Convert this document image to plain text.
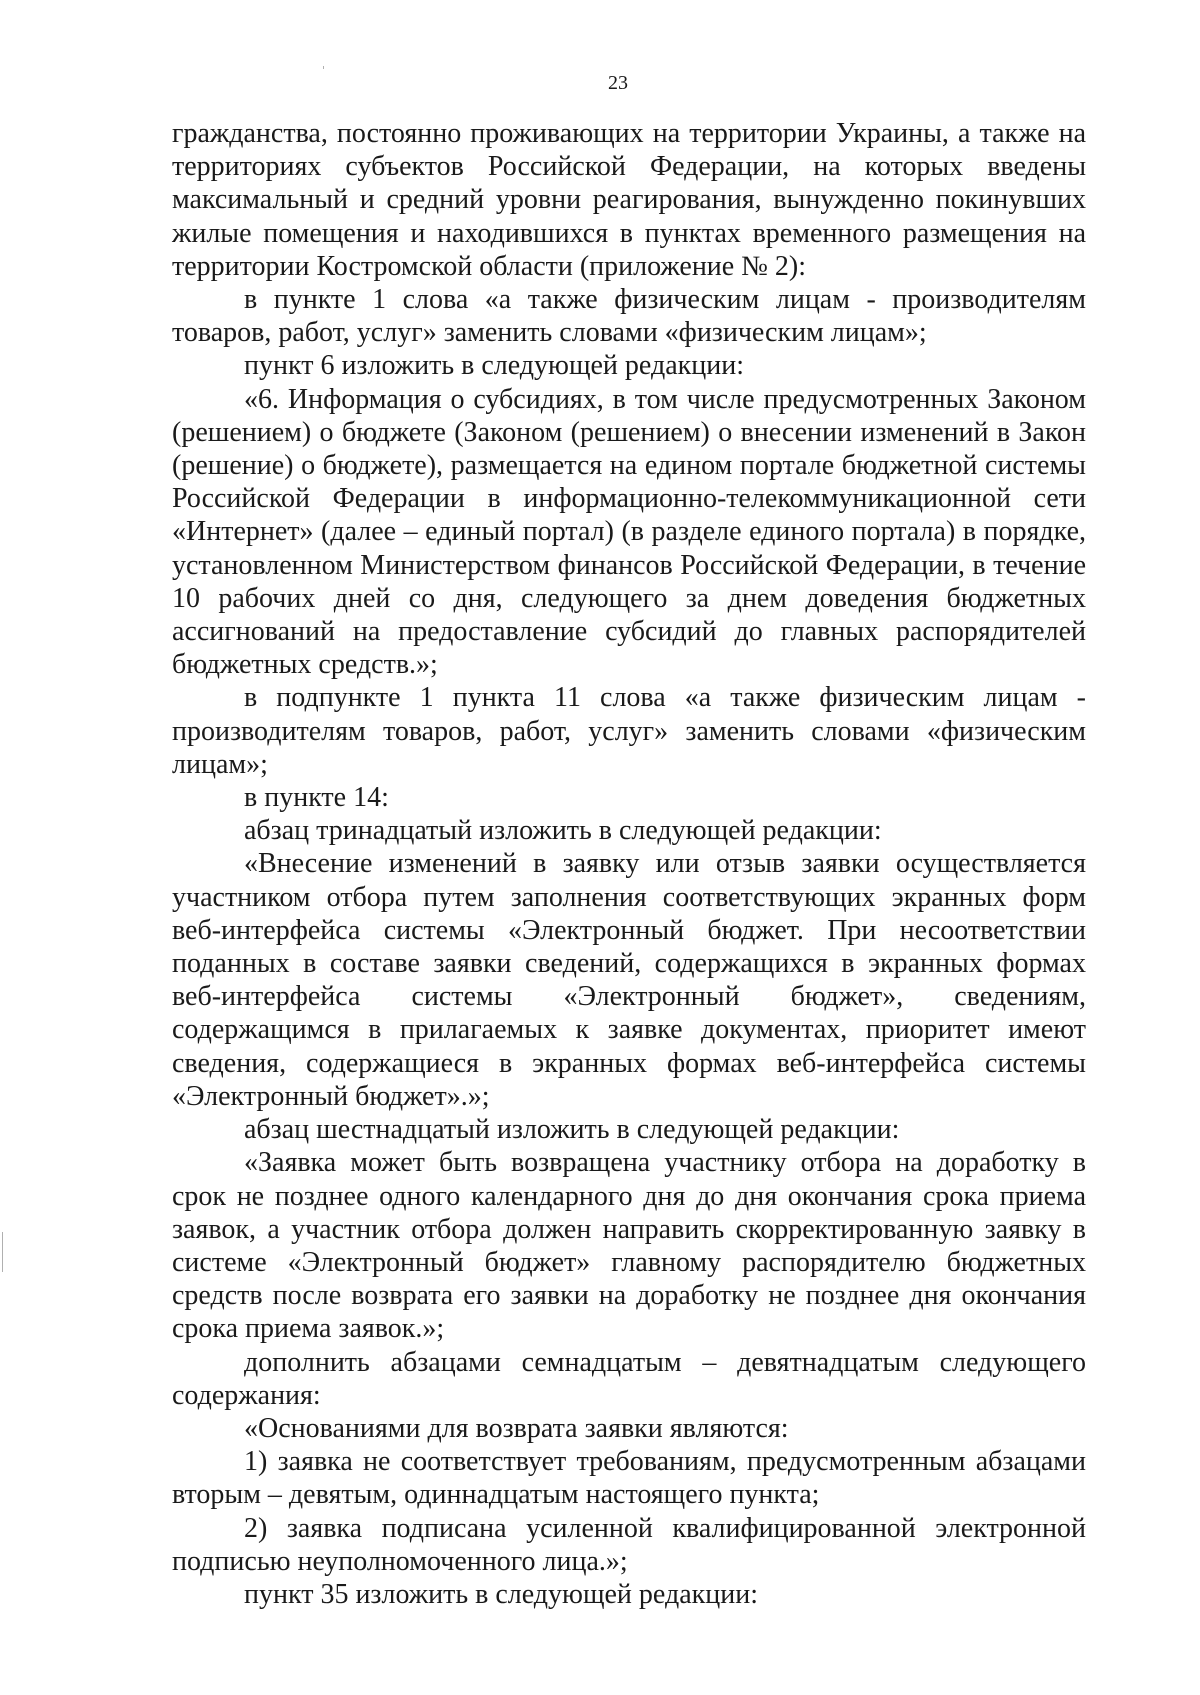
23

гражданства, постоянно проживающих на территории Украины, а также на территориях субъектов Российской Федерации, на которых введены максимальный и средний уровни реагирования, вынужденно покинувших жилые помещения и находившихся в пунктах временного размещения на территории Костромской области (приложение № 2):

в пункте 1 слова «а также физическим лицам - производителям товаров, работ, услуг» заменить словами «физическим лицам»;

пункт 6 изложить в следующей редакции:

«6. Информация о субсидиях, в том числе предусмотренных Законом (решением) о бюджете (Законом (решением) о внесении изменений в Закон (решение) о бюджете), размещается на едином портале бюджетной системы Российской Федерации в информационно-телекоммуникационной сети «Интернет» (далее – единый портал) (в разделе единого портала) в порядке, установленном Министерством финансов Российской Федерации, в течение 10 рабочих дней со дня, следующего за днем доведения бюджетных ассигнований на предоставление субсидий до главных распорядителей бюджетных средств.»;

в подпункте 1 пункта 11 слова «а также физическим лицам - производителям товаров, работ, услуг» заменить словами «физическим лицам»;

в пункте 14:

абзац тринадцатый изложить в следующей редакции:

«Внесение изменений в заявку или отзыв заявки осуществляется участником отбора путем заполнения соответствующих экранных форм веб-интерфейса системы «Электронный бюджет. При несоответствии поданных в составе заявки сведений, содержащихся в экранных формах веб-интерфейса системы «Электронный бюджет», сведениям, содержащимся в прилагаемых к заявке документах, приоритет имеют сведения, содержащиеся в экранных формах веб-интерфейса системы «Электронный бюджет».»;

абзац шестнадцатый изложить в следующей редакции:

«Заявка может быть возвращена участнику отбора на доработку в срок не позднее одного календарного дня до дня окончания срока приема заявок, а участник отбора должен направить скорректированную заявку в системе «Электронный бюджет» главному распорядителю бюджетных средств после возврата его заявки на доработку не позднее дня окончания срока приема заявок.»;

дополнить абзацами семнадцатым – девятнадцатым следующего содержания:

«Основаниями для возврата заявки являются:

1) заявка не соответствует требованиям, предусмотренным абзацами вторым – девятым, одиннадцатым настоящего пункта;

2) заявка подписана усиленной квалифицированной электронной подписью неуполномоченного лица.»;

пункт 35 изложить в следующей редакции:
